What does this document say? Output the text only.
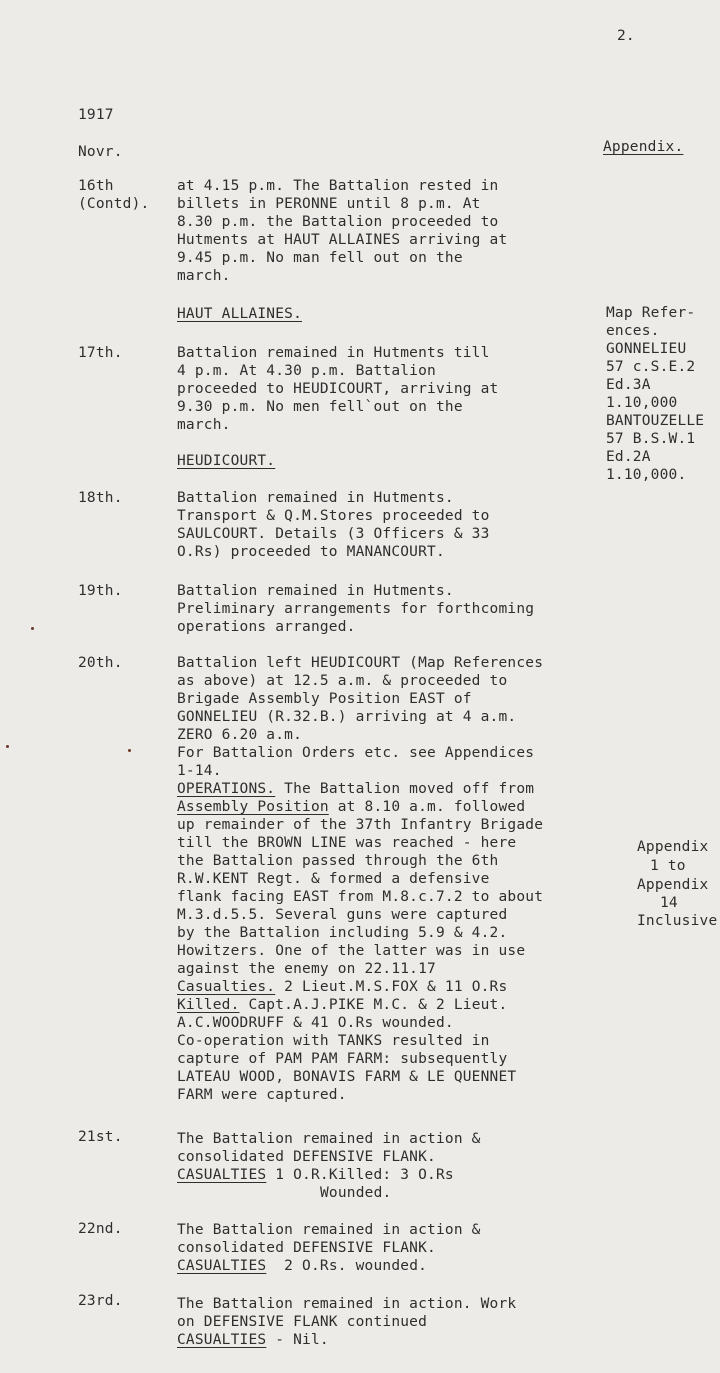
2.
1917
Novr.	Appendix.
16th
(Contd).
at 4.15 p.m. The Battalion rested in
billets in PERONNE until 8 p.m. At
8.30 p.m. the Battalion proceeded to
Hutments at HAUT ALLAINES arriving at
9.45 p.m. No man fell out on the
march.
HAUT ALLAINES.	Map Refer-
ences.
GONNELIEU
57 c.S.E.2
Ed.3A
1.10,000
BANTOUZELLE
57 B.S.W.1
Ed.2A
1.10,000.
17th.	Battalion remained in Hutments till
4 p.m. At 4.30 p.m. Battalion
proceeded to HEUDICOURT, arriving at
9.30 p.m. No men fell`out on the
march.
HEUDICOURT.
18th.	Battalion remained in Hutments.
Transport & Q.M.Stores proceeded to
SAULCOURT. Details (3 Officers & 33
O.Rs) proceeded to MANANCOURT.
19th.	Battalion remained in Hutments.
Preliminary arrangements for forthcoming
operations arranged.
20th.	Battalion left HEUDICOURT (Map References
as above) at 12.5 a.m. & proceeded to
Brigade Assembly Position EAST of
GONNELIEU (R.32.B.) arriving at 4 a.m.
ZERO 6.20 a.m.
For Battalion Orders etc. see Appendices
1-14.
OPERATIONS. The Battalion moved off from
Assembly Position at 8.10 a.m. followed
up remainder of the 37th Infantry Brigade
till the BROWN LINE was reached - here
the Battalion passed through the 6th
R.W.KENT Regt. & formed a defensive
flank facing EAST from M.8.c.7.2 to about
M.3.d.5.5. Several guns were captured
by the Battalion including 5.9 & 4.2.
Howitzers. One of the latter was in use
against the enemy on 22.11.17
Casualties. 2 Lieut.M.S.FOX & 11 O.Rs
Killed. Capt.A.J.PIKE M.C. & 2 Lieut.
A.C.WOODRUFF & 41 O.Rs wounded.
Co-operation with TANKS resulted in
capture of PAM PAM FARM: subsequently
LATEAU WOOD, BONAVIS FARM & LE QUENNET
FARM were captured.
Appendix
1 to
Appendix
14
Inclusive
21st.	The Battalion remained in action &
consolidated DEFENSIVE FLANK.
CASUALTIES 1 O.R.Killed: 3 O.Rs
Wounded.
22nd.	The Battalion remained in action &
consolidated DEFENSIVE FLANK.
CASUALTIES  2 O.Rs. wounded.
23rd.	The Battalion remained in action. Work
on DEFENSIVE FLANK continued
CASUALTIES - Nil.
